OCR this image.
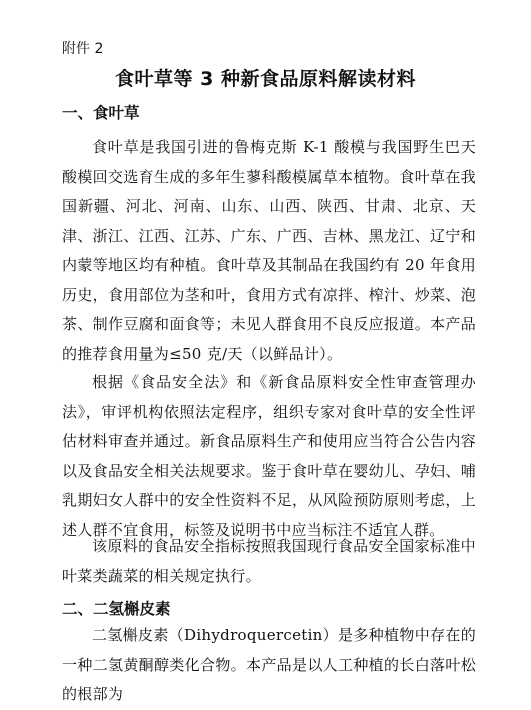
附件 2
食叶草等 3 种新食品原料解读材料
一、食叶草

食叶草是我国引进的鲁梅克斯 K-1 酸模与我国野生巴天酸模回交选育生成的多年生蓼科酸模属草本植物。食叶草在我国新疆、河北、河南、山东、山西、陕西、甘肃、北京、天津、浙江、江西、江苏、广东、广西、吉林、黑龙江、辽宁和内蒙等地区均有种植。食叶草及其制品在我国约有 20 年食用历史，食用部位为茎和叶，食用方式有凉拌、榨汁、炒菜、泡茶、制作豆腐和面食等；未见人群食用不良反应报道。本产品的推荐食用量为≤50 克/天（以鲜品计）。

根据《食品安全法》和《新食品原料安全性审查管理办法》，审评机构依照法定程序，组织专家对食叶草的安全性评估材料审查并通过。新食品原料生产和使用应当符合公告内容以及食品安全相关法规要求。鉴于食叶草在婴幼儿、孕妇、哺乳期妇女人群中的安全性资料不足，从风险预防原则考虑，上述人群不宜食用，标签及说明书中应当标注不适宜人群。

该原料的食品安全指标按照我国现行食品安全国家标准中叶菜类蔬菜的相关规定执行。

二、二氢槲皮素

二氢槲皮素（Dihydroquercetin）是多种植物中存在的一种二氢黄酮醇类化合物。本产品是以人工种植的长白落叶松的根部为
